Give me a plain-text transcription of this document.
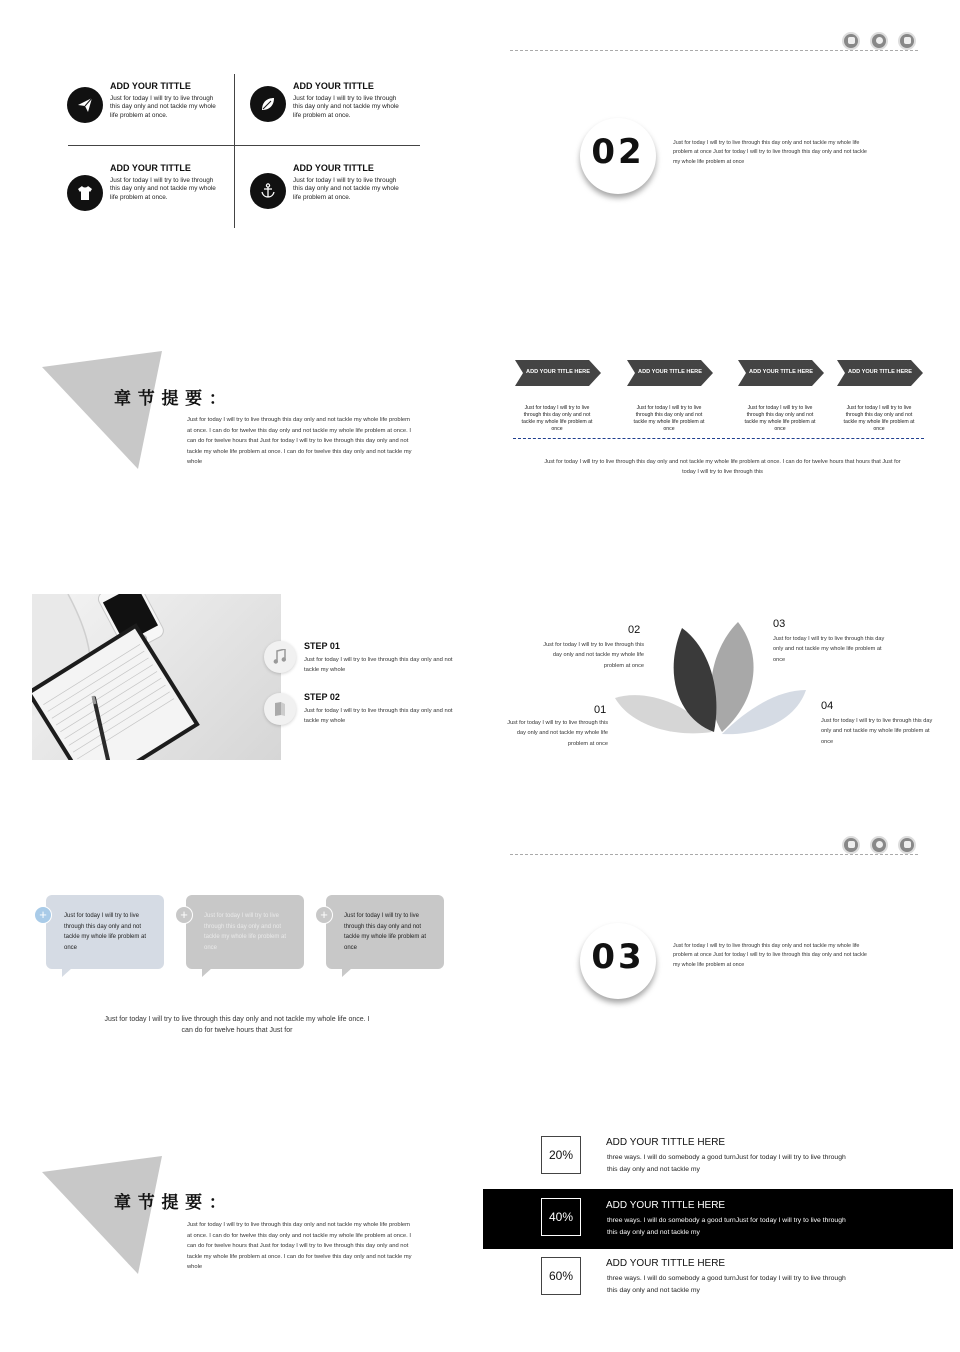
ADD YOUR TITTLE
Just for today I will try to live through this day only and not tackle my whole life problem at once.
ADD YOUR TITTLE
Just for today I will try to live through this day only and not tackle my whole life problem at once.
ADD YOUR TITTLE
Just for today I will try to live through this day only and not tackle my whole life problem at once.
ADD YOUR TITTLE
Just for today I will try to live through this day only and not tackle my whole life problem at once.
02	Just for today I will try to live through this day only and not tackle my whole life problem at once Just for today I will try to live through this day only and not tackle my whole life problem at once
章 节 提 要 ：
Just for today I will try to live through this day only and not tackle my whole life problem at once. I can do for twelve this day only and not tackle my whole life problem at once. I can do for twelve hours that Just for today I will try to live through this day only and not tackle my whole life problem at once. I can do for twelve this day only and not tackle my whole
ADD YOUR TITLE HERE	ADD YOUR TITLE HERE	ADD YOUR TITLE HERE	ADD YOUR TITLE HERE
Just for today I will try to live through this day only and not tackle my whole life problem at once
Just for today I will try to live through this day only and not tackle my whole life problem at once
Just for today I will try to live through this day only and not tackle my whole life problem at once
Just for today I will try to live through this day only and not tackle my whole life problem at once
Just for today I will try to live through this day only and not tackle my whole life problem at once. I can do for twelve hours that hours that Just for today I will try to live through this
STEP 01
Just for today I will try to live through this day only and not tackle my whole
STEP 02
Just for today I will try to live through this day only and not tackle my whole
01
Just for today I will try to live through this day only and not tackle my whole life problem at once
02
Just for today I will try to live through this day only and not tackle my whole life problem at once
03
Just for today I will try to live through this day only and not tackle my whole life problem at once
04
Just for today I will try to live through this day only and not tackle my whole life problem at once
Just for today I will try to live through this day only and not tackle my whole life problem at once
+	Just for today I will try to live through this day only and not tackle my whole life problem at once
+	Just for today I will try to live through this day only and not tackle my whole life problem at once
+
Just for today I will try to live through this day only and not tackle my whole life once. I can do for twelve hours that Just for
03	Just for today I will try to live through this day only and not tackle my whole life problem at once Just for today I will try to live through this day only and not tackle my whole life problem at once
章 节 提 要 ：
Just for today I will try to live through this day only and not tackle my whole life problem at once. I can do for twelve this day only and not tackle my whole life problem at once. I can do for twelve hours that Just for today I will try to live through this day only and not tackle my whole life problem at once. I can do for twelve this day only and not tackle my whole
20%
ADD YOUR TITTLE HERE
three ways. I will do somebody a good turnJust for today I will try to live through this day only and not tackle my
40%
ADD YOUR TITTLE HERE
three ways. I will do somebody a good turnJust for today I will try to live through this day only and not tackle my
60%
ADD YOUR TITTLE HERE
three ways. I will do somebody a good turnJust for today I will try to live through this day only and not tackle my
